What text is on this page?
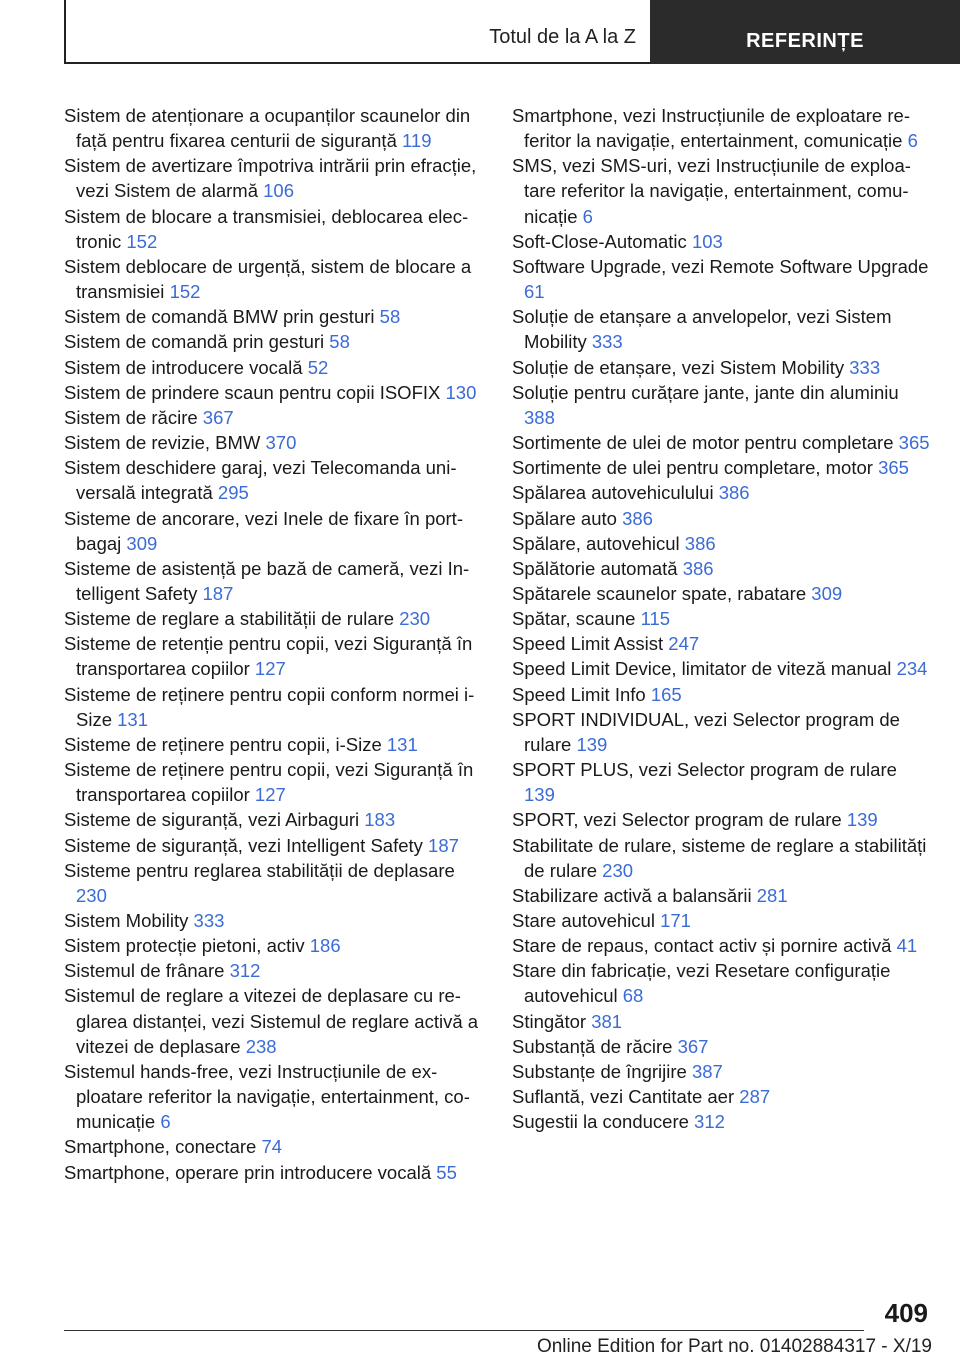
Totul de la A la Z	REFERINȚE
Sistem de atenționare a ocupanților scaunelor din față pentru fixarea centurii de siguranță 119
Sistem de avertizare împotriva intrării prin efracție, vezi Sistem de alarmă 106
Sistem de blocare a transmisiei, deblocarea electronic 152
Sistem deblocare de urgență, sistem de blocare a transmisiei 152
Sistem de comandă BMW prin gesturi 58
Sistem de comandă prin gesturi 58
Sistem de introducere vocală 52
Sistem de prindere scaun pentru copii ISOFIX 130
Sistem de răcire 367
Sistem de revizie, BMW 370
Sistem deschidere garaj, vezi Telecomanda universală integrată 295
Sisteme de ancorare, vezi Inele de fixare în portbagaj 309
Sisteme de asistență pe bază de cameră, vezi Intelligent Safety 187
Sisteme de reglare a stabilității de rulare 230
Sisteme de retenție pentru copii, vezi Siguranță în transportarea copiilor 127
Sisteme de reținere pentru copii conform normei i-Size 131
Sisteme de reținere pentru copii, i-Size 131
Sisteme de reținere pentru copii, vezi Siguranță în transportarea copiilor 127
Sisteme de siguranță, vezi Airbaguri 183
Sisteme de siguranță, vezi Intelligent Safety 187
Sisteme pentru reglarea stabilității de deplasare 230
Sistem Mobility 333
Sistem protecție pietoni, activ 186
Sistemul de frânare 312
Sistemul de reglare a vitezei de deplasare cu reglarea distanței, vezi Sistemul de reglare activă a vitezei de deplasare 238
Sistemul hands-free, vezi Instrucțiunile de exploatare referitor la navigație, entertainment, comunicație 6
Smartphone, conectare 74
Smartphone, operare prin introducere vocală 55
Smartphone, vezi Instrucțiunile de exploatare referitor la navigație, entertainment, comunicație 6
SMS, vezi SMS-uri, vezi Instrucțiunile de exploatare referitor la navigație, entertainment, comunicație 6
Soft-Close-Automatic 103
Software Upgrade, vezi Remote Software Upgrade 61
Soluție de etanșare a anvelopelor, vezi Sistem Mobility 333
Soluție de etanșare, vezi Sistem Mobility 333
Soluție pentru curățare jante, jante din aluminiu 388
Sortimente de ulei de motor pentru completare 365
Sortimente de ulei pentru completare, motor 365
Spălarea autovehiculului 386
Spălare auto 386
Spălare, autovehicul 386
Spălătorie automată 386
Spătarele scaunelor spate, rabatare 309
Spătar, scaune 115
Speed Limit Assist 247
Speed Limit Device, limitator de viteză manual 234
Speed Limit Info 165
SPORT INDIVIDUAL, vezi Selector program de rulare 139
SPORT PLUS, vezi Selector program de rulare 139
SPORT, vezi Selector program de rulare 139
Stabilitate de rulare, sisteme de reglare a stabilități de rulare 230
Stabilizare activă a balansării 281
Stare autovehicul 171
Stare de repaus, contact activ și pornire activă 41
Stare din fabricație, vezi Resetare configurație autovehicul 68
Stingător 381
Substanță de răcire 367
Substanțe de îngrijire 387
Suflantă, vezi Cantitate aer 287
Sugestii la conducere 312
409
Online Edition for Part no. 01402884317 - X/19
